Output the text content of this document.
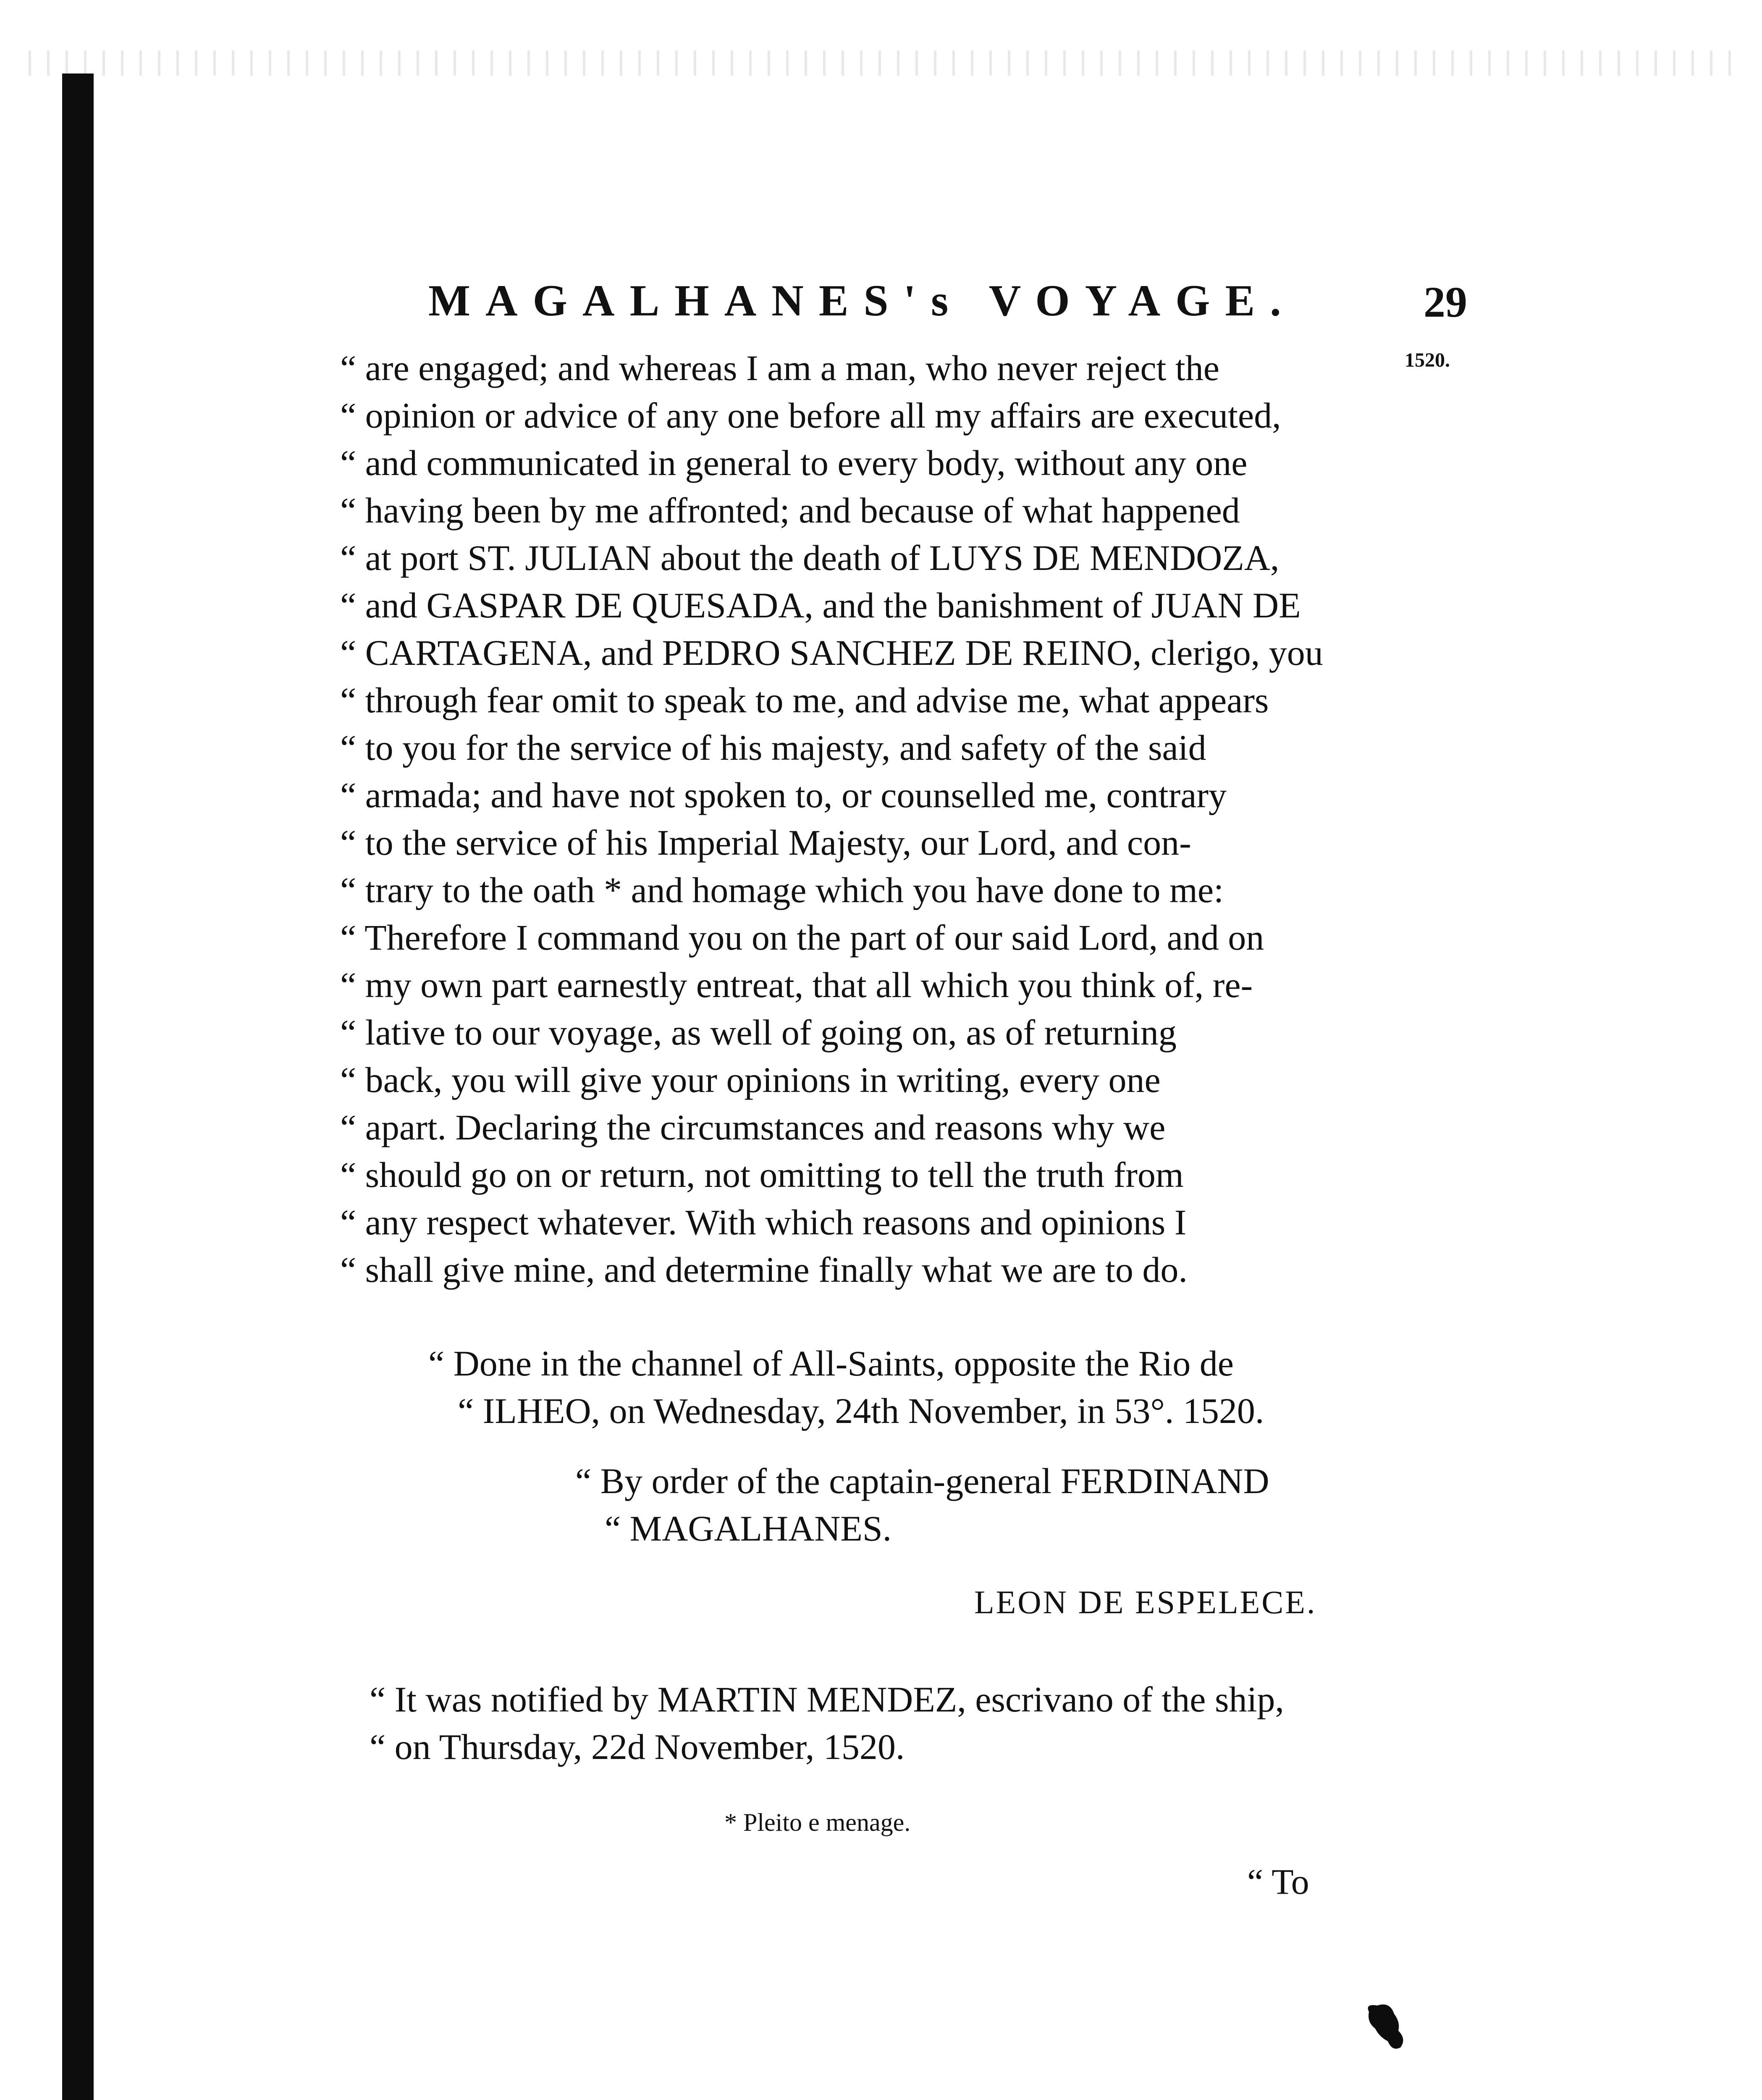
MAGALHANES's VOYAGE.	29
1520.
“ are engaged; and whereas I am a man, who never reject the
“ opinion or advice of any one before all my affairs are executed,
“ and communicated in general to every body, without any one
“ having been by me affronted; and because of what happened
“ at port ST. JULIAN about the death of LUYS DE MENDOZA,
“ and GASPAR DE QUESADA, and the banishment of JUAN DE
“ CARTAGENA, and PEDRO SANCHEZ DE REINO, clerigo, you
“ through fear omit to speak to me, and advise me, what appears
“ to you for the service of his majesty, and safety of the said
“ armada; and have not spoken to, or counselled me, contrary
“ to the service of his Imperial Majesty, our Lord, and con-
“ trary to the oath * and homage which you have done to me:
“ Therefore I command you on the part of our said Lord, and on
“ my own part earnestly entreat, that all which you think of, re-
“ lative to our voyage, as well of going on, as of returning
“ back, you will give your opinions in writing, every one
“ apart. Declaring the circumstances and reasons why we
“ should go on or return, not omitting to tell the truth from
“ any respect whatever. With which reasons and opinions I
“ shall give mine, and determine finally what we are to do.
“ Done in the channel of All-Saints, opposite the Rio de
“ ILHEO, on Wednesday, 24th November, in 53°. 1520.
“ By order of the captain-general FERDINAND
“ MAGALHANES.
LEON DE ESPELECE.
“ It was notified by MARTIN MENDEZ, escrivano of the ship,
“ on Thursday, 22d November, 1520.
* Pleito e menage.
“ To
